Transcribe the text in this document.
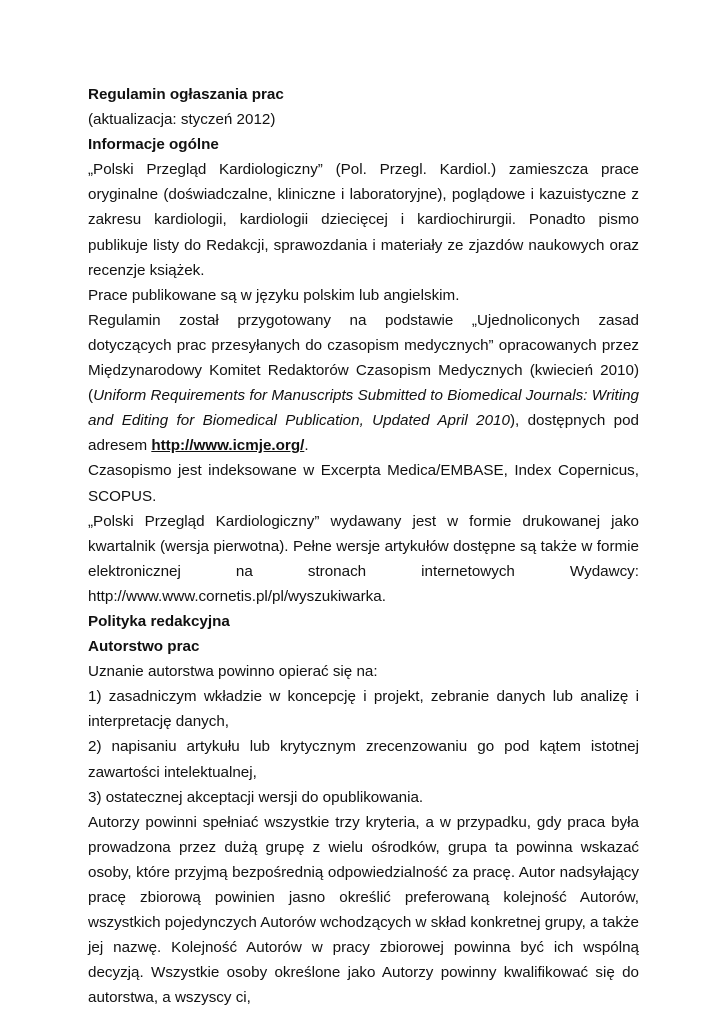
Regulamin ogłaszania prac

(aktualizacja: styczeń 2012)

Informacje ogólne

„Polski Przegląd Kardiologiczny” (Pol. Przegl. Kardiol.) zamieszcza prace oryginalne (doświadczalne, kliniczne i laboratoryjne), poglądowe i kazuistyczne z zakresu kardiologii, kardiologii dziecięcej i kardiochirurgii. Ponadto pismo publikuje listy do Redakcji, sprawozdania i materiały ze zjazdów naukowych oraz recenzje książek.

Prace publikowane są w języku polskim lub angielskim.

Regulamin został przygotowany na podstawie „Ujednoliconych zasad dotyczących prac przesyłanych do czasopism medycznych” opracowanych przez Międzynarodowy Komitet Redaktorów Czasopism Medycznych (kwiecień 2010) (Uniform Requirements for Manuscripts Submitted to Biomedical Journals: Writing and Editing for Biomedical Publication, Updated April 2010), dostępnych pod adresem http://www.icmje.org/.

Czasopismo jest indeksowane w Excerpta Medica/EMBASE, Index Copernicus, SCOPUS.

„Polski Przegląd Kardiologiczny” wydawany jest w formie drukowanej jako kwartalnik (wersja pierwotna). Pełne wersje artykułów dostępne są także w formie elektronicznej na stronach internetowych Wydawcy: http://www.www.cornetis.pl/pl/wyszukiwarka.

Polityka redakcyjna

Autorstwo prac

Uznanie autorstwa powinno opierać się na:

1) zasadniczym wkładzie w koncepcję i projekt, zebranie danych lub analizę i interpretację danych,

2) napisaniu artykułu lub krytycznym zrecenzowaniu go pod kątem istotnej zawartości intelektualnej,

3) ostatecznej akceptacji wersji do opublikowania.

Autorzy powinni spełniać wszystkie trzy kryteria, a w przypadku, gdy praca była prowadzona przez dużą grupę z wielu ośrodków, grupa ta powinna wskazać osoby, które przyjmą bezpośrednią odpowiedzialność za pracę. Autor nadsyłający pracę zbiorową powinien jasno określić preferowaną kolejność Autorów, wszystkich pojedynczych Autorów wchodzących w skład konkretnej grupy, a także jej nazwę. Kolejność Autorów w pracy zbiorowej powinna być ich wspólną decyzją. Wszystkie osoby określone jako Autorzy powinny kwalifikować się do autorstwa, a wszyscy ci,
